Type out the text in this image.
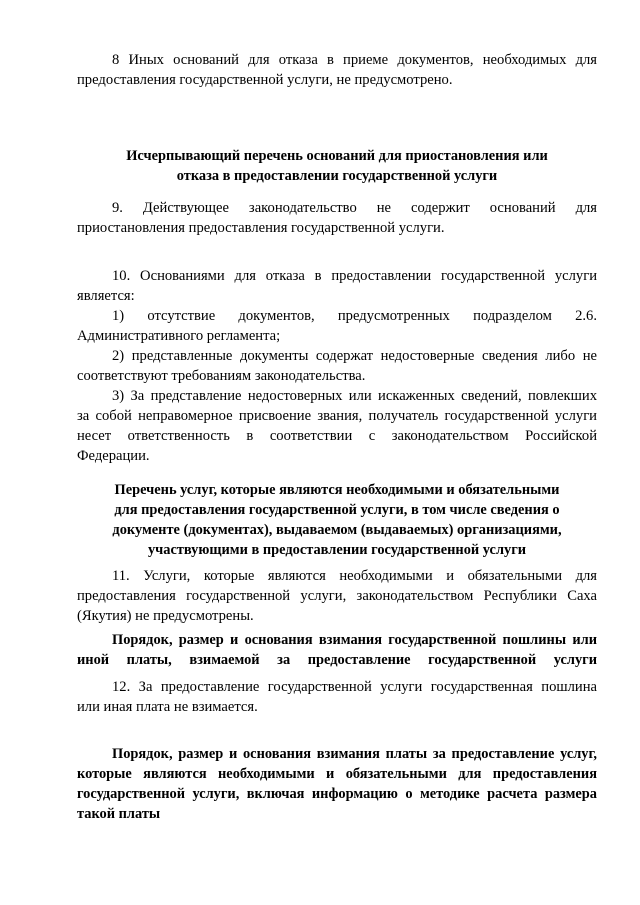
8 Иных оснований для отказа в приеме документов, необходимых для
предоставления государственной услуги, не предусмотрено.
Исчерпывающий перечень оснований для приостановления или
отказа в предоставлении государственной услуги
9. Действующее законодательство не содержит оснований для
приостановления предоставления государственной услуги.
10. Основаниями для отказа в предоставлении государственной услуги
является:
1) отсутствие документов, предусмотренных подразделом 2.6.
Административного регламента;
2) представленные документы содержат недостоверные сведения либо не
соответствуют требованиям законодательства.
3) За представление недостоверных или искаженных сведений, повлекших
за собой неправомерное присвоение звания, получатель государственной услуги
несет ответственность в соответствии с законодательством Российской
Федерации.
Перечень услуг, которые являются необходимыми и обязательными
для предоставления государственной услуги, в том числе сведения о
документе (документах), выдаваемом (выдаваемых) организациями,
участвующими в предоставлении государственной услуги
11. Услуги, которые являются необходимыми и обязательными для
предоставления государственной услуги, законодательством Республики Саха
(Якутия) не предусмотрены.
Порядок, размер и основания взимания государственной пошлины или
иной платы, взимаемой за предоставление государственной услуги
12. За предоставление государственной услуги государственная пошлина
или иная плата не взимается.
Порядок, размер и основания взимания платы за предоставление услуг,
которые являются необходимыми и обязательными для предоставления
государственной услуги, включая информацию о методике расчета размера
такой платы
